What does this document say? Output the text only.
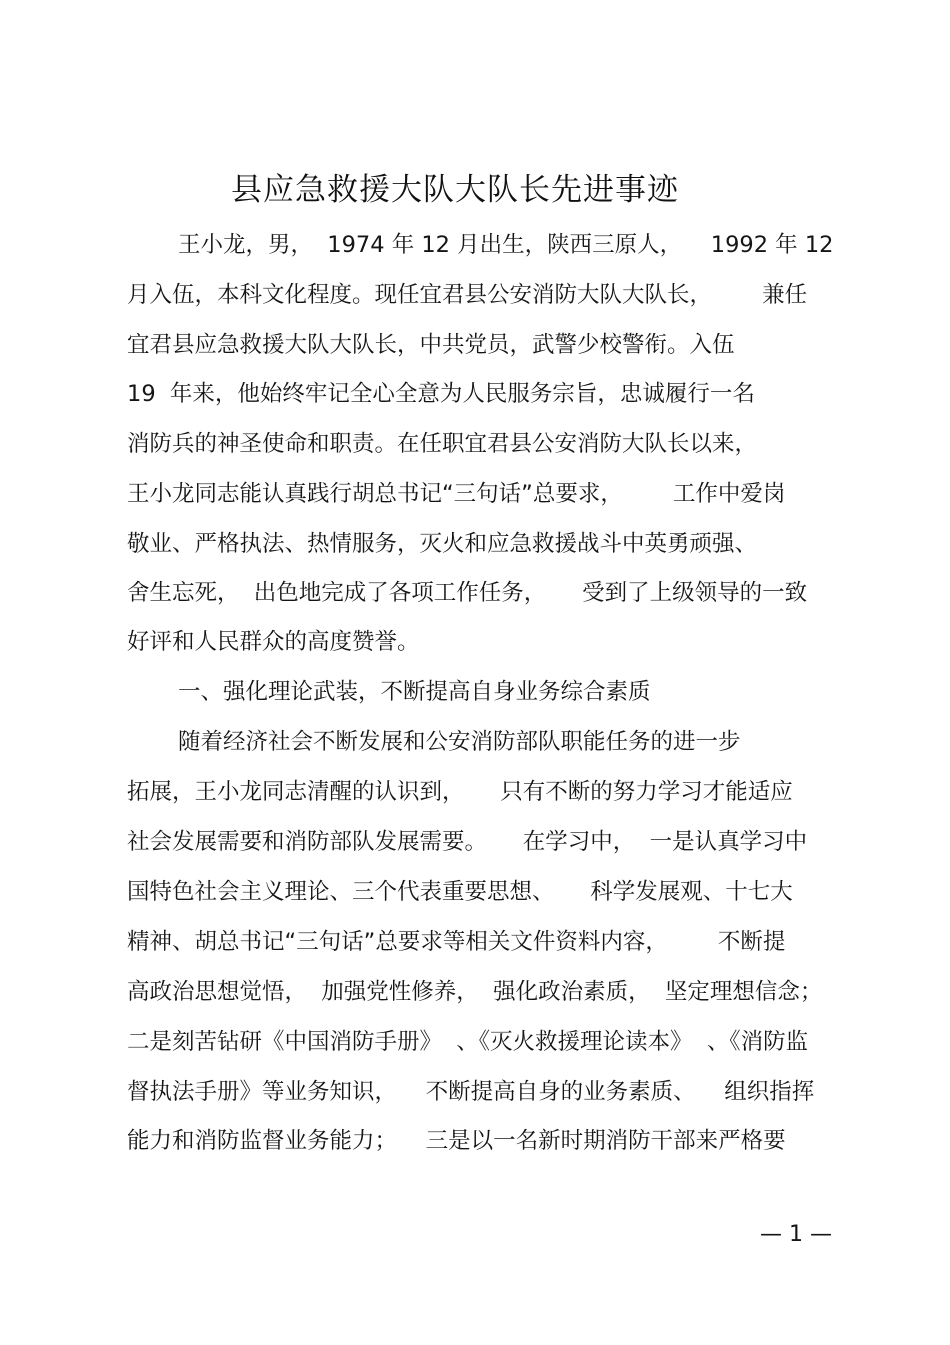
县应急救援大队大队长先进事迹
王小龙，男，  1974 年 12 月出生，陕西三原人，    1992 年 12
月入伍，本科文化程度。现任宜君县公安消防大队大队长，       兼任
宜君县应急救援大队大队长，中共党员，武警少校警衔。入伍
19  年来，他始终牢记全心全意为人民服务宗旨，忠诚履行一名
消防兵的神圣使命和职责。在任职宜君县公安消防大队长以来，
王小龙同志能认真践行胡总书记“三句话”总要求，       工作中爱岗
敬业、严格执法、热情服务，灭火和应急救援战斗中英勇顽强、
舍生忘死，  出色地完成了各项工作任务，     受到了上级领导的一致
好评和人民群众的高度赞誉。
一、强化理论武装，不断提高自身业务综合素质
随着经济社会不断发展和公安消防部队职能任务的进一步
拓展，王小龙同志清醒的认识到，     只有不断的努力学习才能适应
社会发展需要和消防部队发展需要。     在学习中，  一是认真学习中
国特色社会主义理论、三个代表重要思想、     科学发展观、十七大
精神、胡总书记“三句话”总要求等相关文件资料内容，       不断提
高政治思想觉悟，  加强党性修养，  强化政治素质，  坚定理想信念；
二是刻苦钻研《中国消防手册》  、《灭火救援理论读本》  、《消防监
督执法手册》等业务知识，    不断提高自身的业务素质、    组织指挥
能力和消防监督业务能力；    三是以一名新时期消防干部来严格要
— 1 —
